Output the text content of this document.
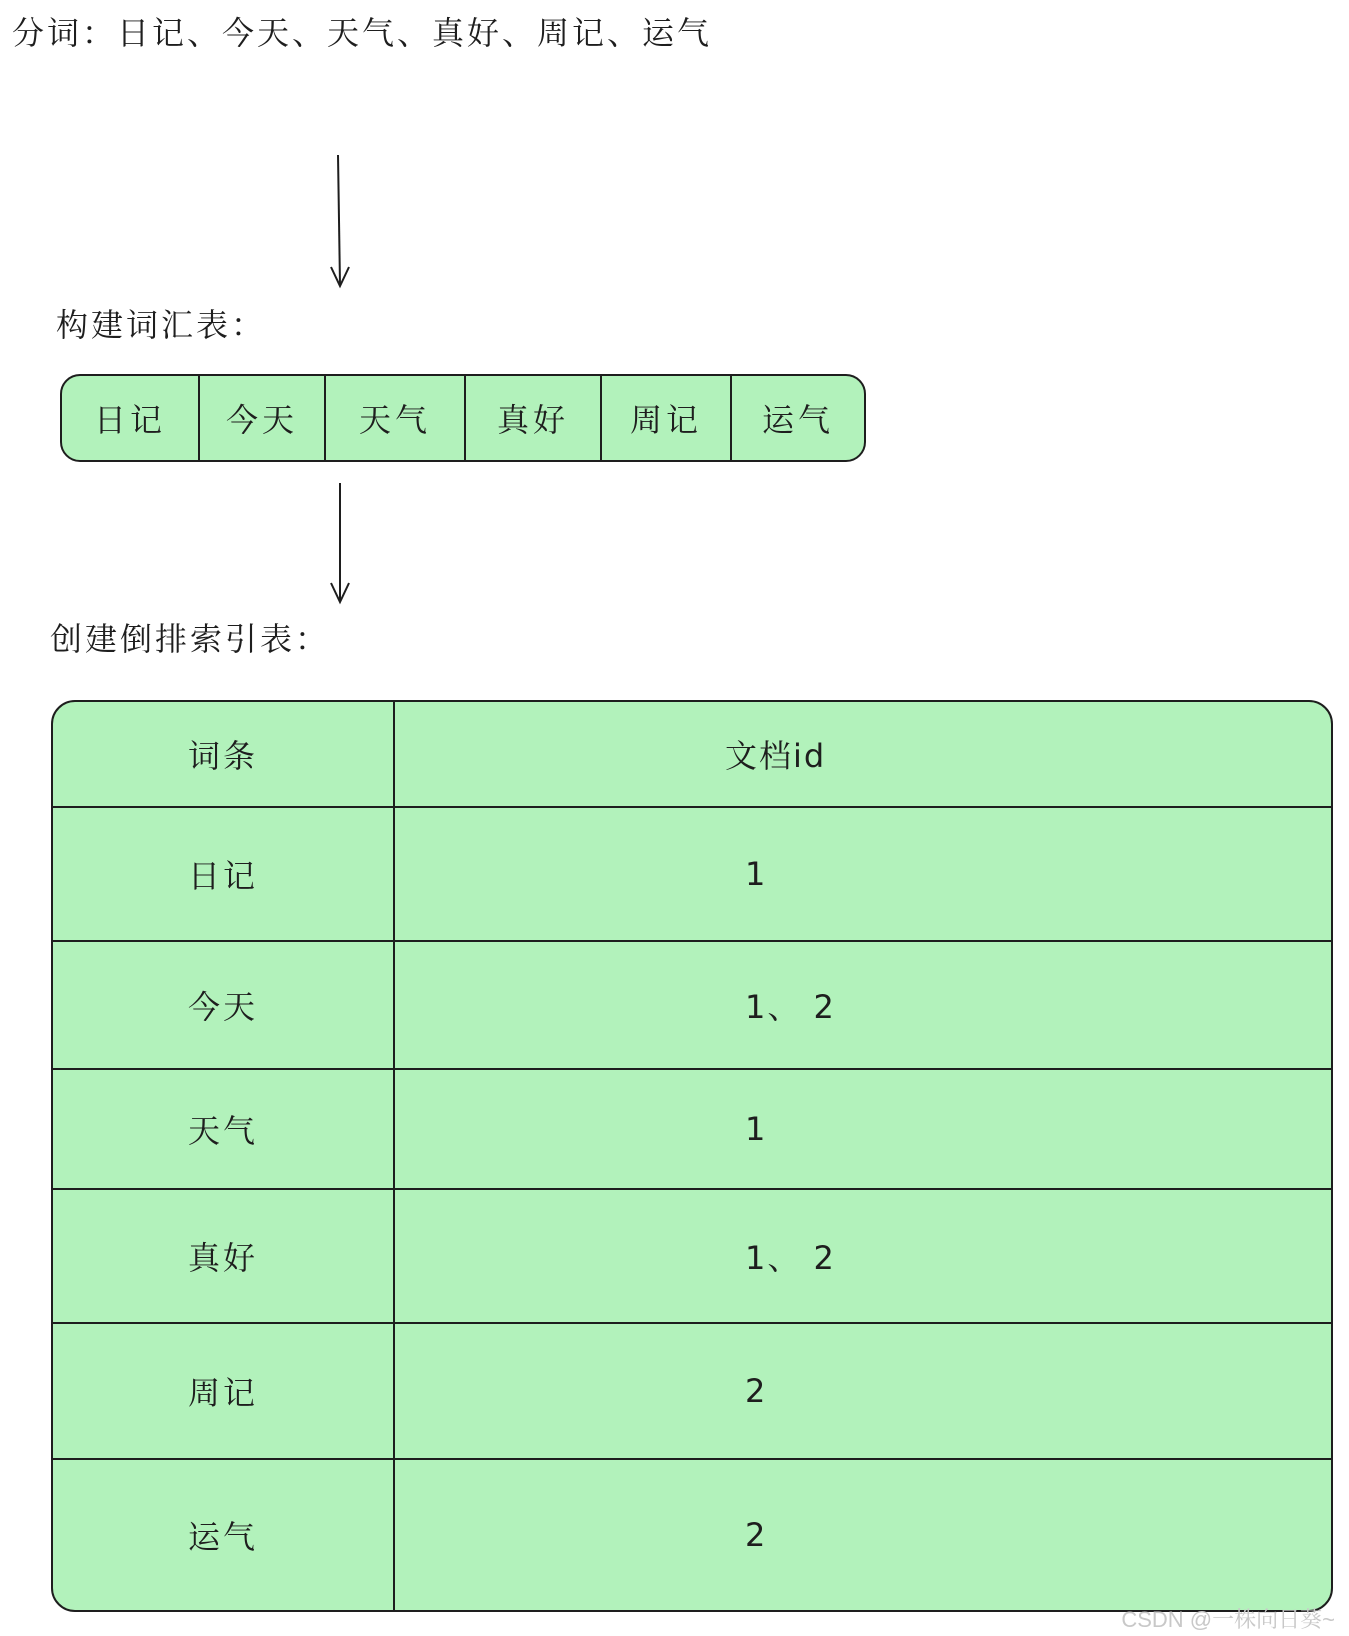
分词：日记、今天、天气、真好、周记、运气
构建词汇表：
日记	今天	天气	真好	周记	运气
创建倒排索引表：
词条	文档id
日记	1
今天	1、 2
天气	1
真好	1、 2
周记	2
运气	2
CSDN @一株向日葵~
